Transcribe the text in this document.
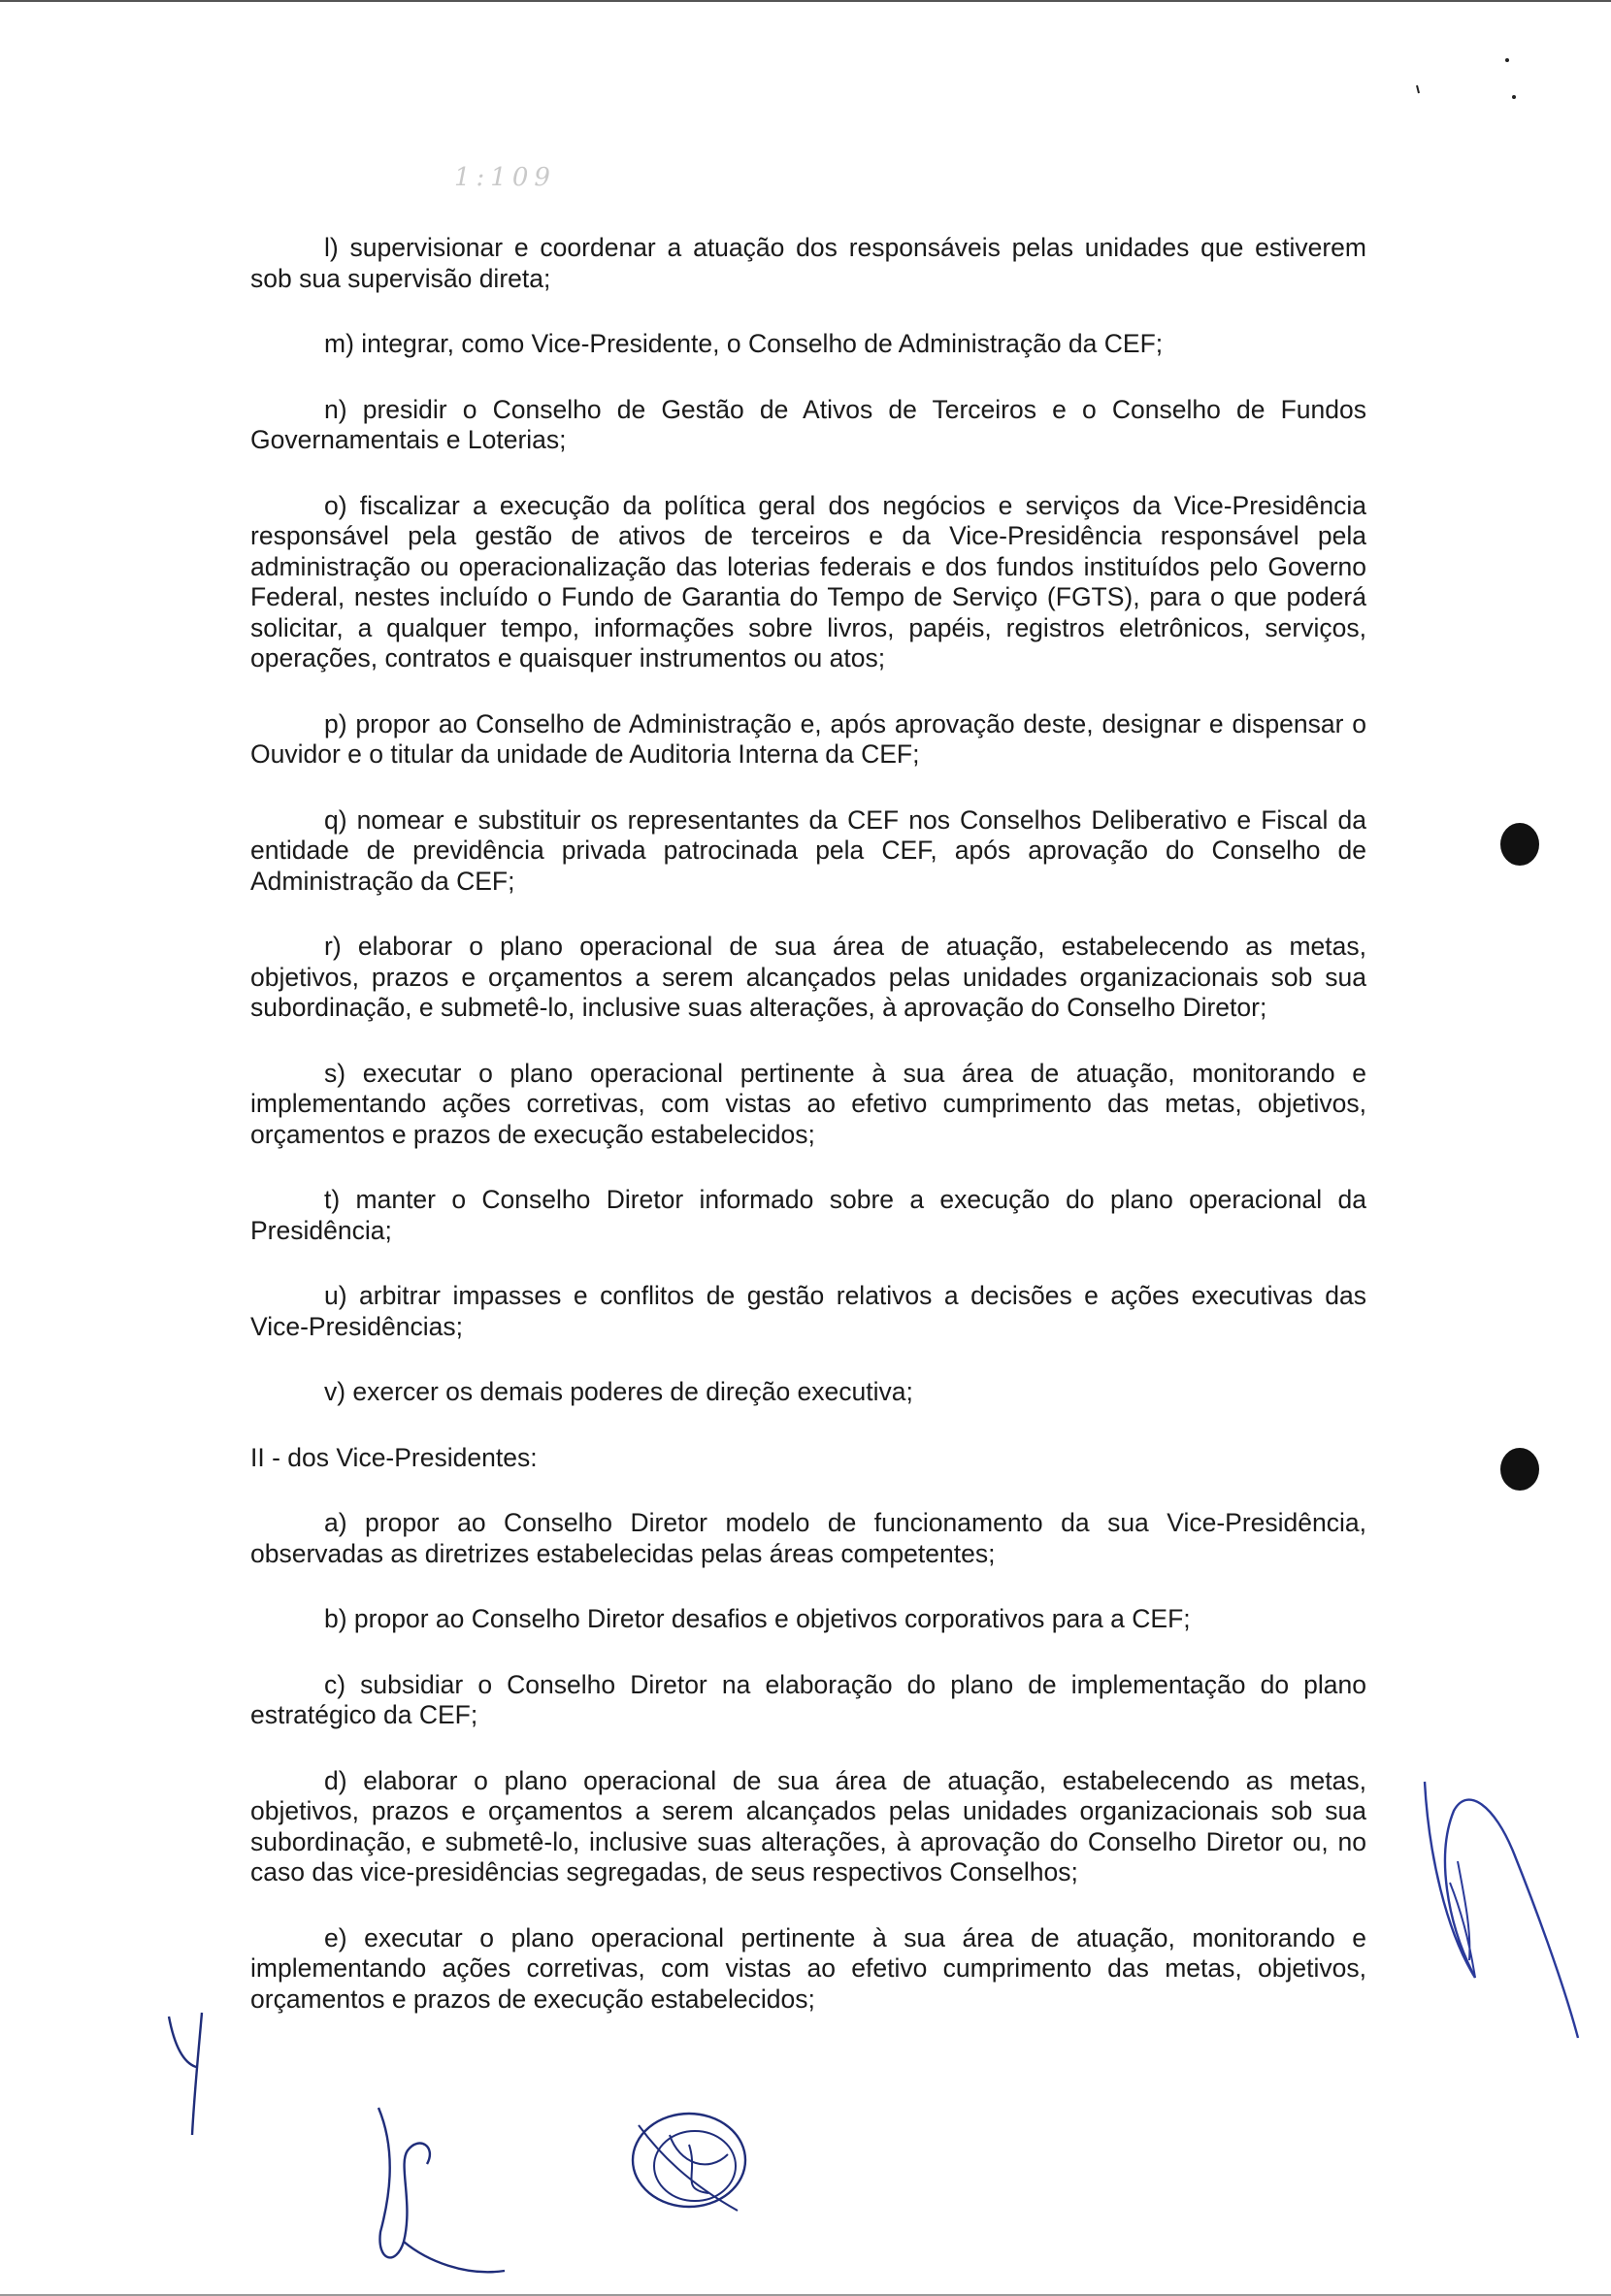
1:109

l) supervisionar e coordenar a atuação dos responsáveis pelas unidades que estiverem sob sua supervisão direta;

m) integrar, como Vice-Presidente, o Conselho de Administração da CEF;

n) presidir o Conselho de Gestão de Ativos de Terceiros e o Conselho de Fundos Governamentais e Loterias;

o) fiscalizar a execução da política geral dos negócios e serviços da Vice-Presidência responsável pela gestão de ativos de terceiros e da Vice-Presidência responsável pela administração ou operacionalização das loterias federais e dos fundos instituídos pelo Governo Federal, nestes incluído o Fundo de Garantia do Tempo de Serviço (FGTS), para o que poderá solicitar, a qualquer tempo, informações sobre livros, papéis, registros eletrônicos, serviços, operações, contratos e quaisquer instrumentos ou atos;

p) propor ao Conselho de Administração e, após aprovação deste, designar e dispensar o Ouvidor e o titular da unidade de Auditoria Interna da CEF;

q) nomear e substituir os representantes da CEF nos Conselhos Deliberativo e Fiscal da entidade de previdência privada patrocinada pela CEF, após aprovação do Conselho de Administração da CEF;

r) elaborar o plano operacional de sua área de atuação, estabelecendo as metas, objetivos, prazos e orçamentos a serem alcançados pelas unidades organizacionais sob sua subordinação, e submetê-lo, inclusive suas alterações, à aprovação do Conselho Diretor;

s) executar o plano operacional pertinente à sua área de atuação, monitorando e implementando ações corretivas, com vistas ao efetivo cumprimento das metas, objetivos, orçamentos e prazos de execução estabelecidos;

t) manter o Conselho Diretor informado sobre a execução do plano operacional da Presidência;

u) arbitrar impasses e conflitos de gestão relativos a decisões e ações executivas das Vice-Presidências;

v) exercer os demais poderes de direção executiva;

II - dos Vice-Presidentes:

a) propor ao Conselho Diretor modelo de funcionamento da sua Vice-Presidência, observadas as diretrizes estabelecidas pelas áreas competentes;

b) propor ao Conselho Diretor desafios e objetivos corporativos para a CEF;

c) subsidiar o Conselho Diretor na elaboração do plano de implementação do plano estratégico da CEF;

d) elaborar o plano operacional de sua área de atuação, estabelecendo as metas, objetivos, prazos e orçamentos a serem alcançados pelas unidades organizacionais sob sua subordinação, e submetê-lo, inclusive suas alterações, à aprovação do Conselho Diretor ou, no caso das vice-presidências segregadas, de seus respectivos Conselhos;

e) executar o plano operacional pertinente à sua área de atuação, monitorando e implementando ações corretivas, com vistas ao efetivo cumprimento das metas, objetivos, orçamentos e prazos de execução estabelecidos;
